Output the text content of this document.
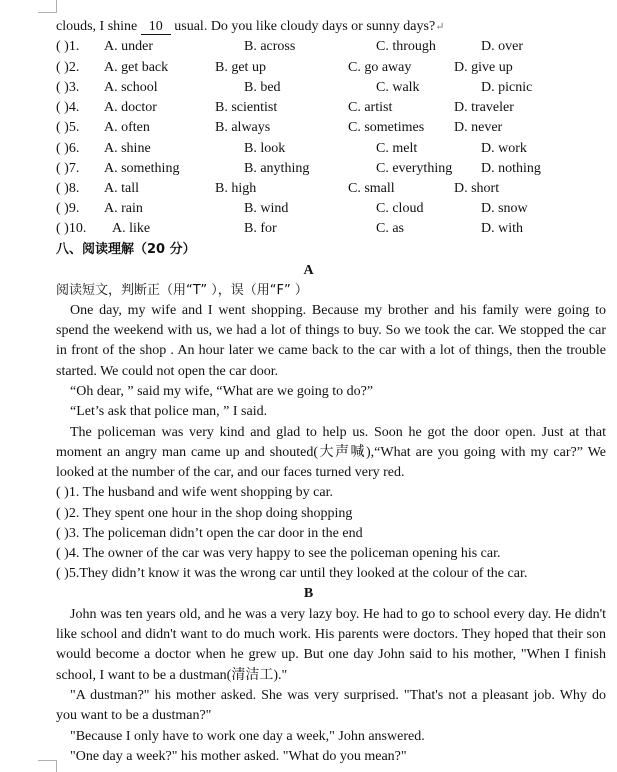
clouds, I shine 10 usual. Do you like cloudy days or sunny days?↵
( )1. A. under	B. across	C. through	D. over
( )2. A. get back	B. get up	C. go away	D. give up
( )3. A. school	B. bed	C. walk	D. picnic
( )4. A. doctor	B. scientist	C. artist	D. traveler
( )5. A. often	B. always	C. sometimes D. never
( )6. A. shine	B. look	C. melt	D. work
( )7. A. something	B. anything	C. everything D. nothing
( )8. A. tall	B. high	C. small	D. short
( )9. A. rain	B. wind	C. cloud	D. snow
( )10. A. like	B. for	C. as	D. with
八、阅读理解（20 分）
A
阅读短文，判断正（用“T” ），误（用“F” ）
One day, my wife and I went shopping. Because my brother and his family were going to spend the weekend with us, we had a lot of things to buy. So we took the car. We stopped the car in front of the shop . An hour later we came back to the car with a lot of things, then the trouble started. We could not open the car door.
“Oh dear, ” said my wife, “What are we going to do?”
“Let’s ask that police man, ” I said.
The policeman was very kind and glad to help us. Soon he got the door open. Just at that moment an angry man came up and shouted(大声喊),“What are you going with my car?” We looked at the number of the car, and our faces turned very red.
( )1. The husband and wife went shopping by car.
( )2. They spent one hour in the shop doing shopping
( )3. The policeman didn’t open the car door in the end
( )4. The owner of the car was very happy to see the policeman opening his car.
( )5.They didn’t know it was the wrong car until they looked at the colour of the car.
B
John was ten years old, and he was a very lazy boy. He had to go to school every day. He didn't like school and didn't want to do much work. His parents were doctors. They hoped that their son would become a doctor when he grew up. But one day John said to his mother, "When I finish school, I want to be a dustman(清洁工)."
"A dustman?" his mother asked. She was very surprised. "That's not a pleasant job. Why do you want to be a dustman?"
"Because I only have to work one day a week," John answered.
"One day a week?" his mother asked. "What do you mean?"
